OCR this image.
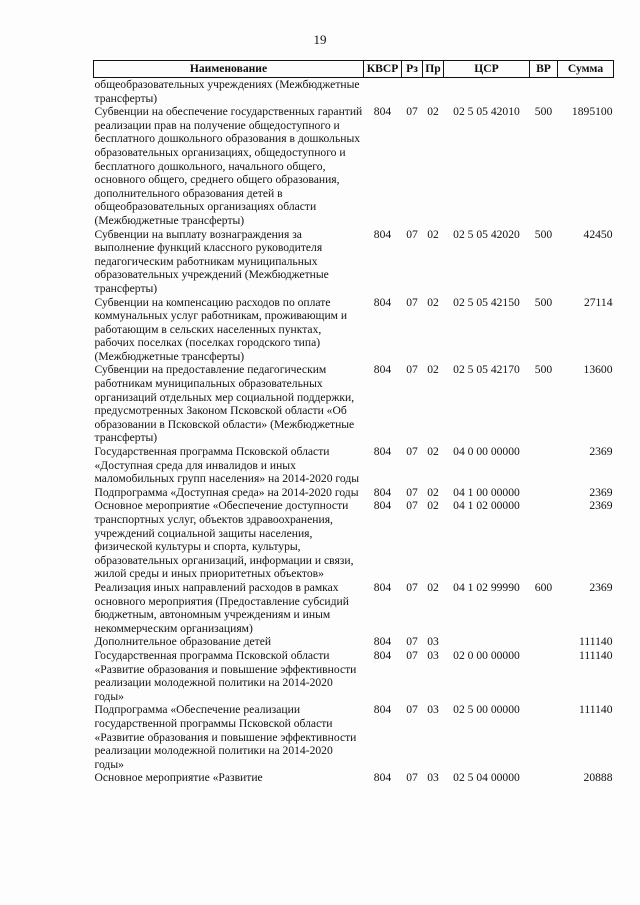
19
Наименование	КВСР	Рз	Пр	ЦСР	ВР	Сумма
общеобразовательных учреждениях (Межбюджетные трансферты)						
Субвенции на обеспечение государственных гарантий реализации прав на получение общедоступного и бесплатного дошкольного образования в дошкольных образовательных организациях, общедоступного и бесплатного дошкольного, начального общего, основного общего, среднего общего образования, дополнительного образования детей в общеобразовательных организациях области (Межбюджетные трансферты)	804	07	02	02 5 05 42010	500	1895100
Субвенции на выплату вознаграждения за выполнение функций классного руководителя педагогическим работникам муниципальных образовательных учреждений (Межбюджетные трансферты)	804	07	02	02 5 05 42020	500	42450
Субвенции на компенсацию расходов по оплате коммунальных услуг работникам, проживающим и работающим в сельских населенных пунктах, рабочих поселках (поселках городского типа) (Межбюджетные трансферты)	804	07	02	02 5 05 42150	500	27114
Субвенции на предоставление педагогическим работникам муниципальных образовательных организаций отдельных мер социальной поддержки, предусмотренных Законом Псковской области «Об образовании в Псковской области» (Межбюджетные трансферты)	804	07	02	02 5 05 42170	500	13600
Государственная программа Псковской области «Доступная среда для инвалидов и иных маломобильных групп населения» на 2014-2020 годы	804	07	02	04 0 00 00000		2369
Подпрограмма «Доступная среда» на 2014-2020 годы	804	07	02	04 1 00 00000		2369
Основное мероприятие «Обеспечение доступности транспортных услуг, объектов здравоохранения, учреждений социальной защиты населения, физической культуры и спорта, культуры, образовательных организаций, информации и связи, жилой среды и иных приоритетных объектов»	804	07	02	04 1 02 00000		2369
Реализация иных направлений расходов в рамках основного мероприятия (Предоставление субсидий бюджетным, автономным учреждениям и иным некоммерческим организациям)	804	07	02	04 1 02 99990	600	2369
Дополнительное образование детей	804	07	03			111140
Государственная программа Псковской области «Развитие образования и повышение эффективности реализации молодежной политики на 2014-2020 годы»	804	07	03	02 0 00 00000		111140
Подпрограмма «Обеспечение реализации государственной программы Псковской области «Развитие образования и повышение эффективности реализации молодежной политики на 2014-2020 годы»	804	07	03	02 5 00 00000		111140
Основное мероприятие «Развитие	804	07	03	02 5 04 00000		20888
